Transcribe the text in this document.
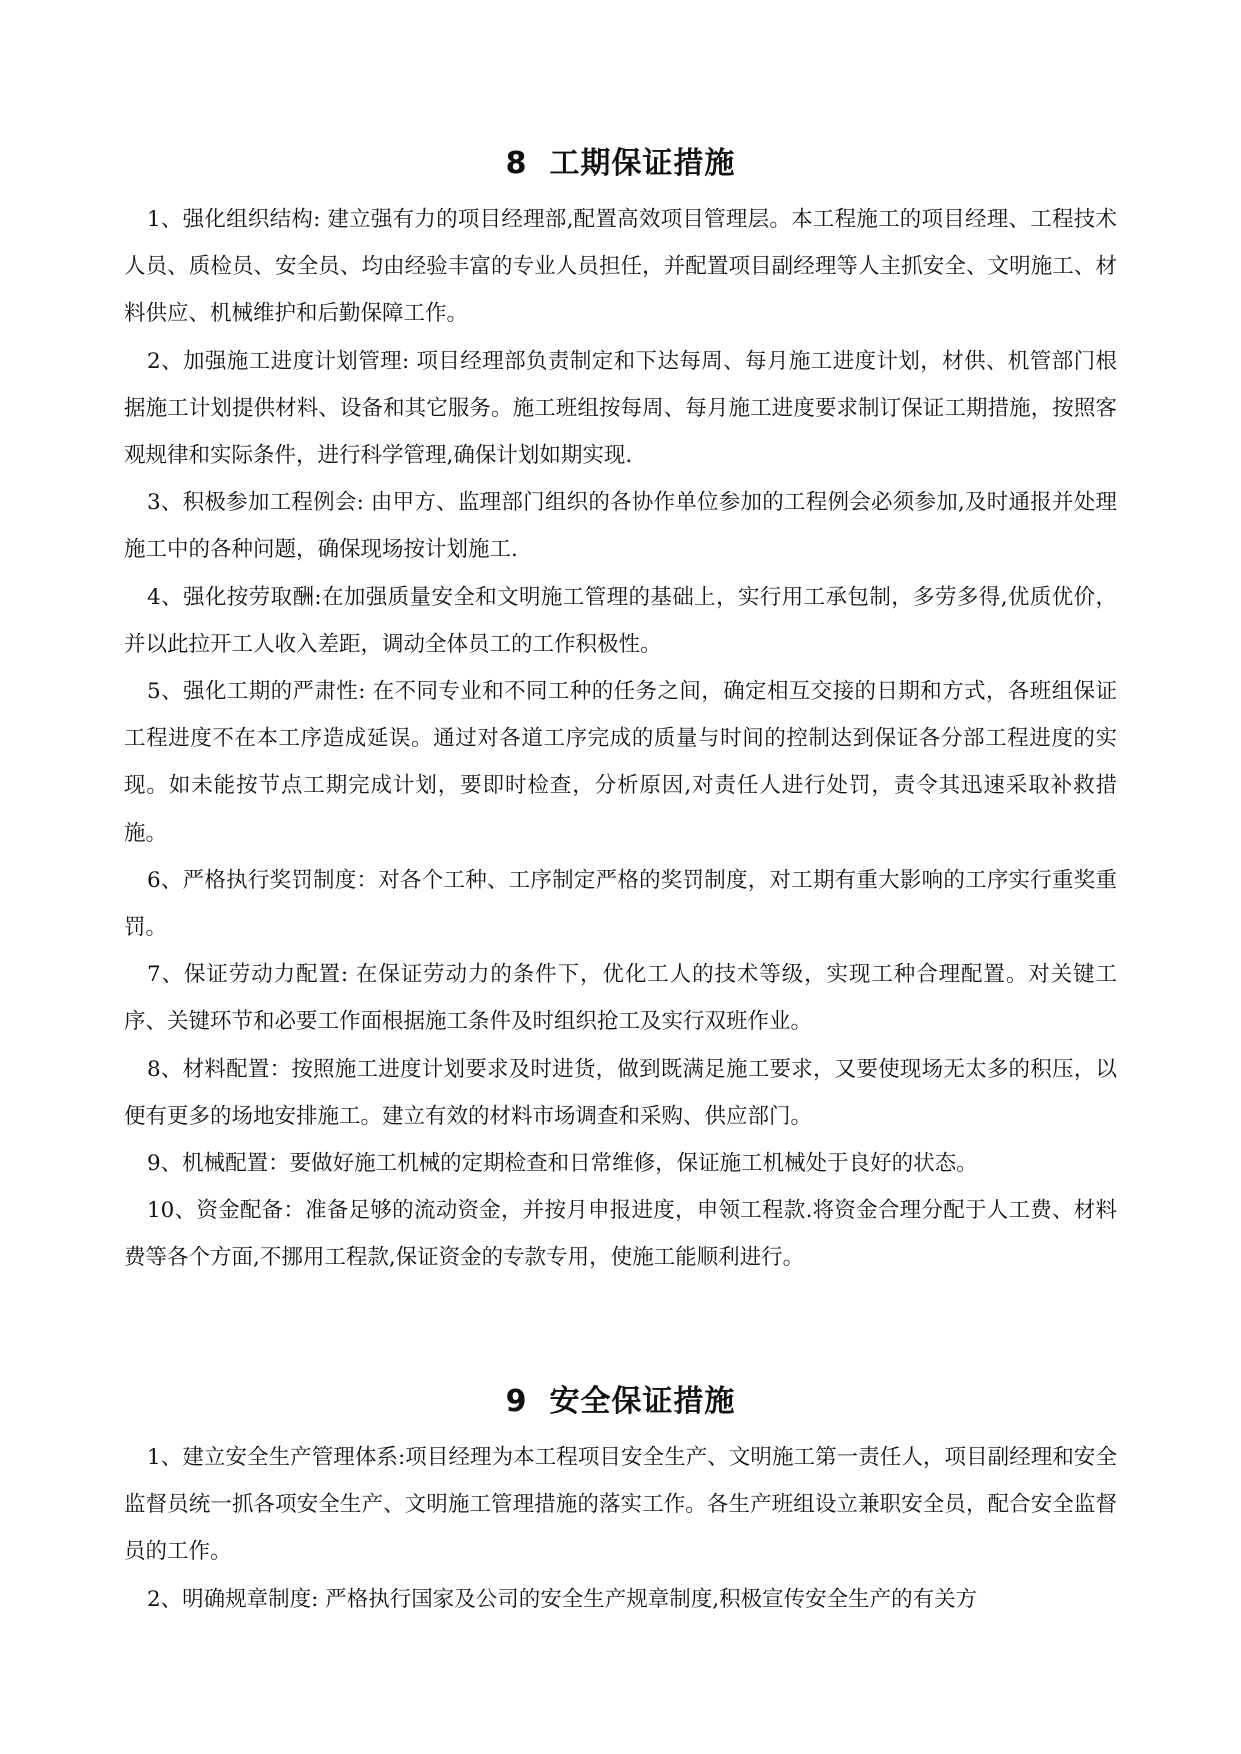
8 工期保证措施

1、强化组织结构: 建立强有力的项目经理部,配置高效项目管理层。本工程施工的项目经理、工程技术人员、质检员、安全员、均由经验丰富的专业人员担任，并配置项目副经理等人主抓安全、文明施工、材料供应、机械维护和后勤保障工作。

2、加强施工进度计划管理: 项目经理部负责制定和下达每周、每月施工进度计划，材供、机管部门根据施工计划提供材料、设备和其它服务。施工班组按每周、每月施工进度要求制订保证工期措施，按照客观规律和实际条件，进行科学管理,确保计划如期实现.

3、积极参加工程例会: 由甲方、监理部门组织的各协作单位参加的工程例会必须参加,及时通报并处理施工中的各种问题，确保现场按计划施工.

4、强化按劳取酬:在加强质量安全和文明施工管理的基础上，实行用工承包制，多劳多得,优质优价，并以此拉开工人收入差距，调动全体员工的工作积极性。

5、强化工期的严肃性: 在不同专业和不同工种的任务之间，确定相互交接的日期和方式，各班组保证工程进度不在本工序造成延误。通过对各道工序完成的质量与时间的控制达到保证各分部工程进度的实现。如未能按节点工期完成计划，要即时检查，分析原因,对责任人进行处罚，责令其迅速采取补救措施。

6、严格执行奖罚制度：对各个工种、工序制定严格的奖罚制度，对工期有重大影响的工序实行重奖重罚。

7、保证劳动力配置: 在保证劳动力的条件下，优化工人的技术等级，实现工种合理配置。对关键工序、关键环节和必要工作面根据施工条件及时组织抢工及实行双班作业。

8、材料配置：按照施工进度计划要求及时进货，做到既满足施工要求，又要使现场无太多的积压，以便有更多的场地安排施工。建立有效的材料市场调查和采购、供应部门。

9、机械配置：要做好施工机械的定期检查和日常维修，保证施工机械处于良好的状态。

10、资金配备：准备足够的流动资金，并按月申报进度，申领工程款.将资金合理分配于人工费、材料费等各个方面,不挪用工程款,保证资金的专款专用，使施工能顺利进行。

9 安全保证措施

1、建立安全生产管理体系:项目经理为本工程项目安全生产、文明施工第一责任人，项目副经理和安全监督员统一抓各项安全生产、文明施工管理措施的落实工作。各生产班组设立兼职安全员，配合安全监督员的工作。

2、明确规章制度: 严格执行国家及公司的安全生产规章制度,积极宣传安全生产的有关方
